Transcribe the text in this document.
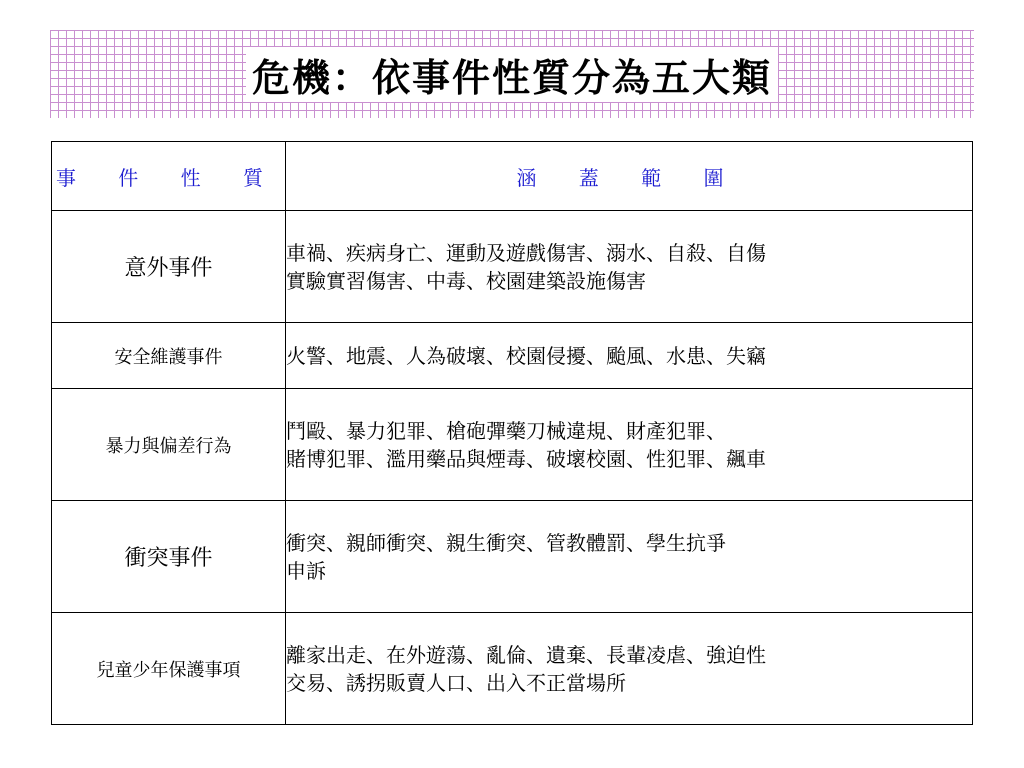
危機：依事件性質分為五大類
事 件 性 質	涵 蓋 範 圍
意外事件	車禍、疾病身亡、運動及遊戲傷害、溺水、自殺、自傷
實驗實習傷害、中毒、校園建築設施傷害

安全維護事件	火警、地震、人為破壞、校園侵擾、颱風、水患、失竊

暴力與偏差行為	鬥毆、暴力犯罪、槍砲彈藥刀械違規、財產犯罪、
賭博犯罪、濫用藥品與煙毒、破壞校園、性犯罪、飆車

衝突事件	衝突、親師衝突、親生衝突、管教體罰、學生抗爭
申訴

兒童少年保護事項	離家出走、在外遊蕩、亂倫、遺棄、長輩凌虐、強迫性
交易、誘拐販賣人口、出入不正當場所
